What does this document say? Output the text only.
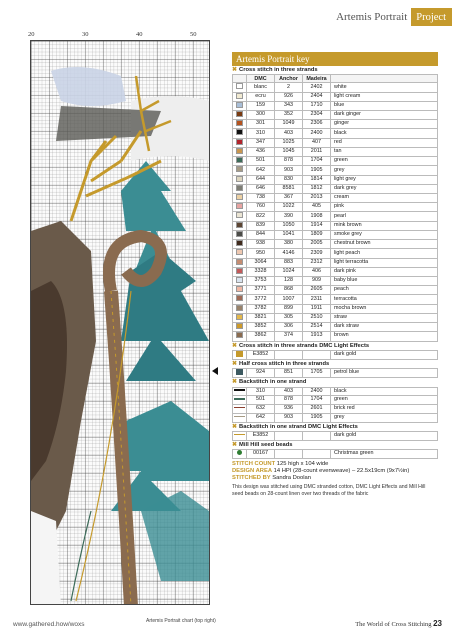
Artemis Portrait Project
20	30	40	50
Artemis Portrait chart (top right)
Artemis Portrait key
✖ Cross stitch in three strands
	DMC	Anchor	Madeira	
	blanc	2	2402	white
	ecru	926	2404	light cream
	159	343	1710	blue
	300	352	2304	dark ginger
	301	1049	2306	ginger
	310	403	2400	black
	347	1025	407	red
	436	1045	2011	tan
	501	878	1704	green
	642	903	1905	grey
	644	830	1814	light grey
	646	8581	1812	dark grey
	738	367	2013	cream
	760	1022	405	pink
	822	390	1908	pearl
	839	1050	1914	mink brown
	844	1041	1809	smoke grey
	938	380	2005	chestnut brown
	950	4146	2309	light peach
	3064	883	2312	light terracotta
	3328	1024	406	dark pink
	3753	128	909	baby blue
	3771	868	2605	peach
	3772	1007	2311	terracotta
	3782	899	1911	mocha brown
	3821	305	2510	straw
	3852	306	2514	dark straw
	3862	374	1913	brown
✖ Cross stitch in three strands DMC Light Effects
	E3852			dark gold
✖ Half cross stitch in three strands
	924	851	1705	petrol blue
✖ Backstitch in one strand
	310	403	2400	black
	501	878	1704	green
	632	936	2601	brick red
	642	903	1905	grey
✖ Backstitch in one strand DMC Light Effects
	E3852			dark gold
✖ Mill Hill seed beads
	00167			Christmas green
STITCH COUNT 125 high x 104 wide
DESIGN AREA 14 HPI (28-count evenweave) – 22.5x19cm (9x7½in)
STITCHED BY Sandra Doolan
This design was stitched using DMC stranded cotton, DMC Light Effects and Mill Hill seed beads on 28-count linen over two threads of the fabric
www.gathered.how/woxs	The World of Cross Stitching 23
